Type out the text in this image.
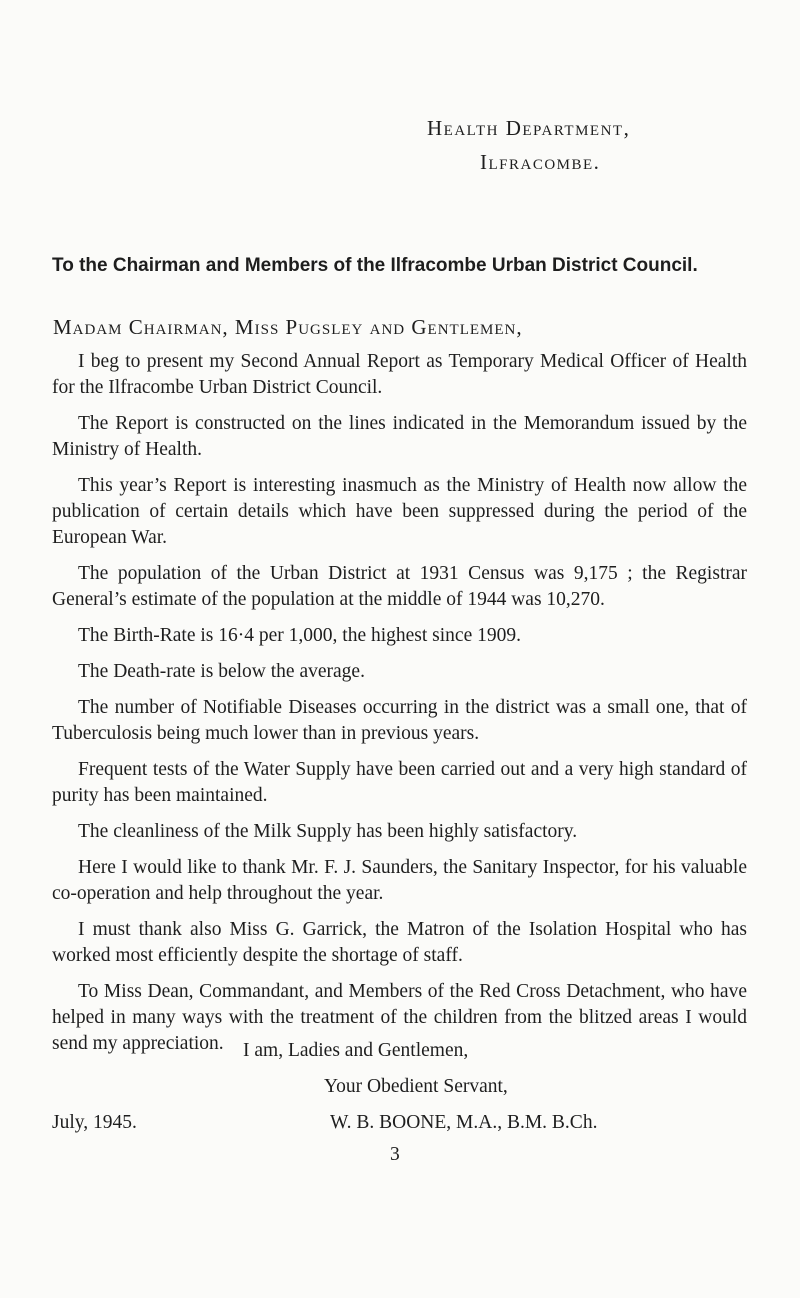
Health Department,
Ilfracombe.
To the Chairman and Members of the Ilfracombe Urban District Council.
Madam Chairman, Miss Pugsley and Gentlemen,

I beg to present my Second Annual Report as Temporary Medical Officer of Health for the Ilfracombe Urban District Council.

The Report is constructed on the lines indicated in the Memorandum issued by the Ministry of Health.

This year’s Report is interesting inasmuch as the Ministry of Health now allow the publication of certain details which have been suppressed during the period of the European War.

The population of the Urban District at 1931 Census was 9,175 ; the Registrar General’s estimate of the population at the middle of 1944 was 10,270.

The Birth-Rate is 16·4 per 1,000, the highest since 1909.

The Death-rate is below the average.

The number of Notifiable Diseases occurring in the district was a small one, that of Tuberculosis being much lower than in previous years.

Frequent tests of the Water Supply have been carried out and a very high standard of purity has been maintained.

The cleanliness of the Milk Supply has been highly satisfactory.

Here I would like to thank Mr. F. J. Saunders, the Sanitary Inspector, for his valuable co-operation and help throughout the year.

I must thank also Miss G. Garrick, the Matron of the Isolation Hospital who has worked most efficiently despite the shortage of staff.

To Miss Dean, Commandant, and Members of the Red Cross Detachment, who have helped in many ways with the treatment of the children from the blitzed areas I would send my appreciation. I am, Ladies and Gentlemen,
Your Obedient Servant,
July, 1945.	W. B. BOONE, M.A., B.M. B.Ch.
3
